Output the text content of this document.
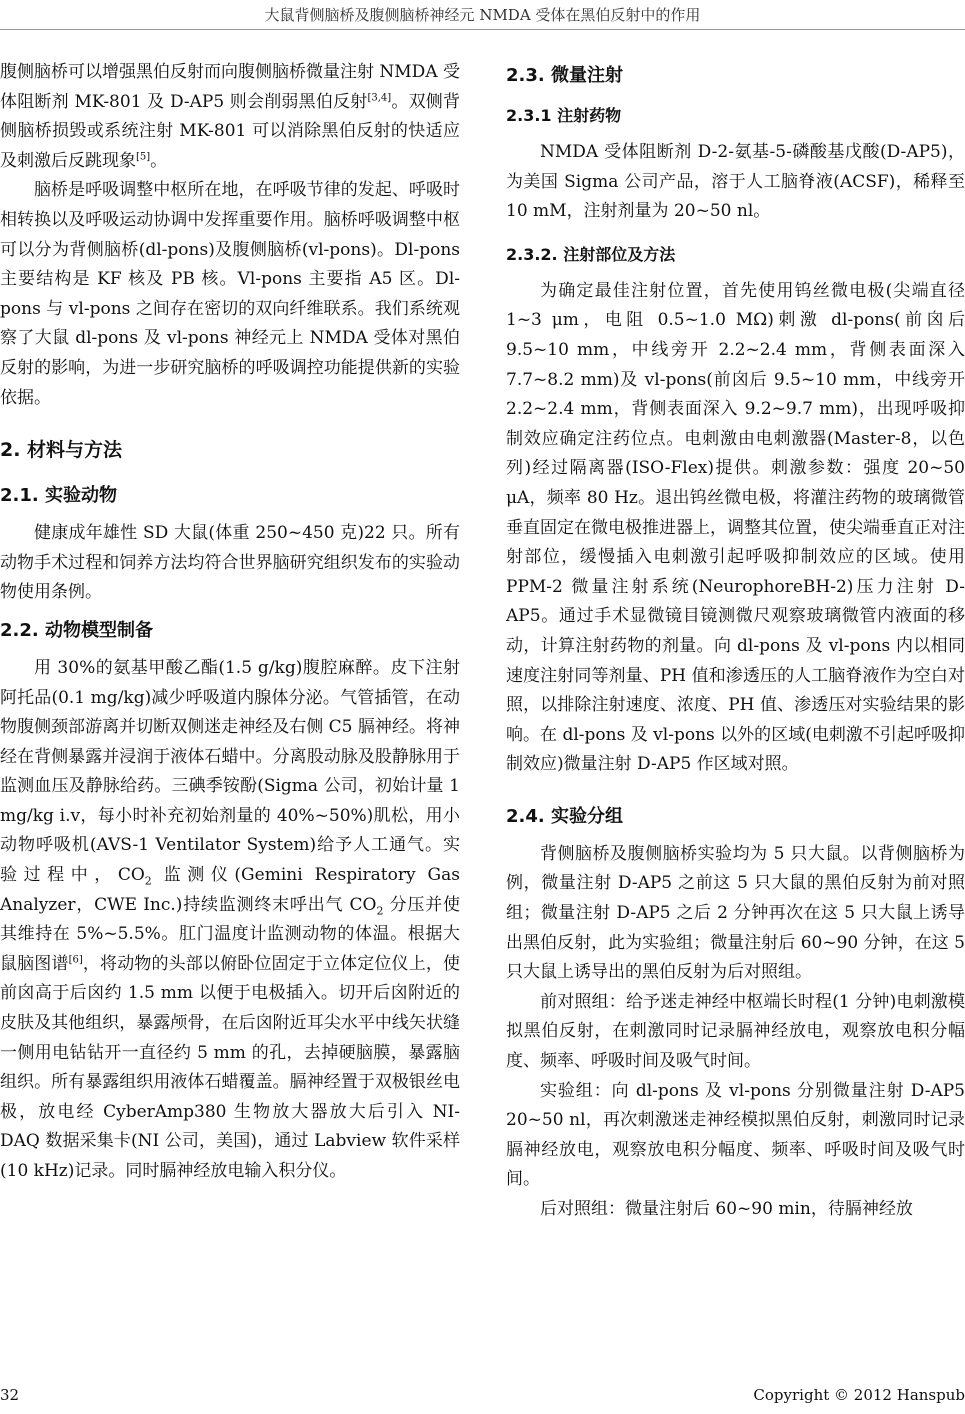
大鼠背侧脑桥及腹侧脑桥神经元 NMDA 受体在黑伯反射中的作用

腹侧脑桥可以增强黑伯反射而向腹侧脑桥微量注射 NMDA 受体阻断剂 MK-801 及 D-AP5 则会削弱黑伯反射[3,4]。双侧背侧脑桥损毁或系统注射 MK-801 可以消除黑伯反射的快适应及刺激后反跳现象[5]。

脑桥是呼吸调整中枢所在地，在呼吸节律的发起、呼吸时相转换以及呼吸运动协调中发挥重要作用。脑桥呼吸调整中枢可以分为背侧脑桥(dl-pons)及腹侧脑桥(vl-pons)。Dl-pons 主要结构是 KF 核及 PB 核。Vl-pons 主要指 A5 区。Dl-pons 与 vl-pons 之间存在密切的双向纤维联系。我们系统观察了大鼠 dl-pons 及 vl-pons 神经元上 NMDA 受体对黑伯反射的影响，为进一步研究脑桥的呼吸调控功能提供新的实验依据。

2. 材料与方法
2.1. 实验动物

健康成年雄性 SD 大鼠(体重 250~450 克)22 只。所有动物手术过程和饲养方法均符合世界脑研究组织发布的实验动物使用条例。

2.2. 动物模型制备

用 30%的氨基甲酸乙酯(1.5 g/kg)腹腔麻醉。皮下注射阿托品(0.1 mg/kg)减少呼吸道内腺体分泌。气管插管，在动物腹侧颈部游离并切断双侧迷走神经及右侧 C5 膈神经。将神经在背侧暴露并浸润于液体石蜡中。分离股动脉及股静脉用于监测血压及静脉给药。三碘季铵酚(Sigma 公司，初始计量 1 mg/kg i.v，每小时补充初始剂量的 40%~50%)肌松，用小动物呼吸机(AVS-1 Ventilator System)给予人工通气。实验过程中，$CO_2$ 监测仪(Gemini Respiratory Gas Analyzer，CWE Inc.)持续监测终末呼出气 $CO_2$ 分压并使其维持在 5%~5.5%。肛门温度计监测动物的体温。根据大鼠脑图谱[6]，将动物的头部以俯卧位固定于立体定位仪上，使前囟高于后囟约 1.5 mm 以便于电极插入。切开后囟附近的皮肤及其他组织，暴露颅骨，在后囟附近耳尖水平中线矢状缝一侧用电钻钻开一直径约 5 mm 的孔，去掉硬脑膜，暴露脑组织。所有暴露组织用液体石蜡覆盖。膈神经置于双极银丝电极，放电经 CyberAmp380 生物放大器放大后引入 NI-DAQ 数据采集卡(NI 公司，美国)，通过 Labview 软件采样(10 kHz)记录。同时膈神经放电输入积分仪。

2.3. 微量注射
2.3.1 注射药物

NMDA 受体阻断剂 D-2-氨基-5-磷酸基戊酸(D-AP5)，为美国 Sigma 公司产品，溶于人工脑脊液(ACSF)，稀释至 10 mM，注射剂量为 20~50 nl。

2.3.2. 注射部位及方法

为确定最佳注射位置，首先使用钨丝微电极(尖端直径 1~3 μm，电阻 0.5~1.0 MΩ)刺激 dl-pons(前囟后 9.5~10 mm，中线旁开 2.2~2.4 mm，背侧表面深入 7.7~8.2 mm)及 vl-pons(前囟后 9.5~10 mm，中线旁开 2.2~2.4 mm，背侧表面深入 9.2~9.7 mm)，出现呼吸抑制效应确定注药位点。电刺激由电刺激器(Master-8，以色列)经过隔离器(ISO-Flex)提供。刺激参数：强度 20~50 μA，频率 80 Hz。退出钨丝微电极，将灌注药物的玻璃微管垂直固定在微电极推进器上，调整其位置，使尖端垂直正对注射部位，缓慢插入电刺激引起呼吸抑制效应的区域。使用 PPM-2 微量注射系统(NeurophoreBH-2)压力注射 D-AP5。通过手术显微镜目镜测微尺观察玻璃微管内液面的移动，计算注射药物的剂量。向 dl-pons 及 vl-pons 内以相同速度注射同等剂量、PH 值和渗透压的人工脑脊液作为空白对照，以排除注射速度、浓度、PH 值、渗透压对实验结果的影响。在 dl-pons 及 vl-pons 以外的区域(电刺激不引起呼吸抑制效应)微量注射 D-AP5 作区域对照。

2.4. 实验分组

背侧脑桥及腹侧脑桥实验均为 5 只大鼠。以背侧脑桥为例，微量注射 D-AP5 之前这 5 只大鼠的黑伯反射为前对照组；微量注射 D-AP5 之后 2 分钟再次在这 5 只大鼠上诱导出黑伯反射，此为实验组；微量注射后 60~90 分钟，在这 5 只大鼠上诱导出的黑伯反射为后对照组。

前对照组：给予迷走神经中枢端长时程(1 分钟)电刺激模拟黑伯反射，在刺激同时记录膈神经放电，观察放电积分幅度、频率、呼吸时间及吸气时间。

实验组：向 dl-pons 及 vl-pons 分别微量注射 D-AP5 20~50 nl，再次刺激迷走神经模拟黑伯反射，刺激同时记录膈神经放电，观察放电积分幅度、频率、呼吸时间及吸气时间。

后对照组：微量注射后 60~90 min，待膈神经放

32	Copyright © 2012 Hanspub
